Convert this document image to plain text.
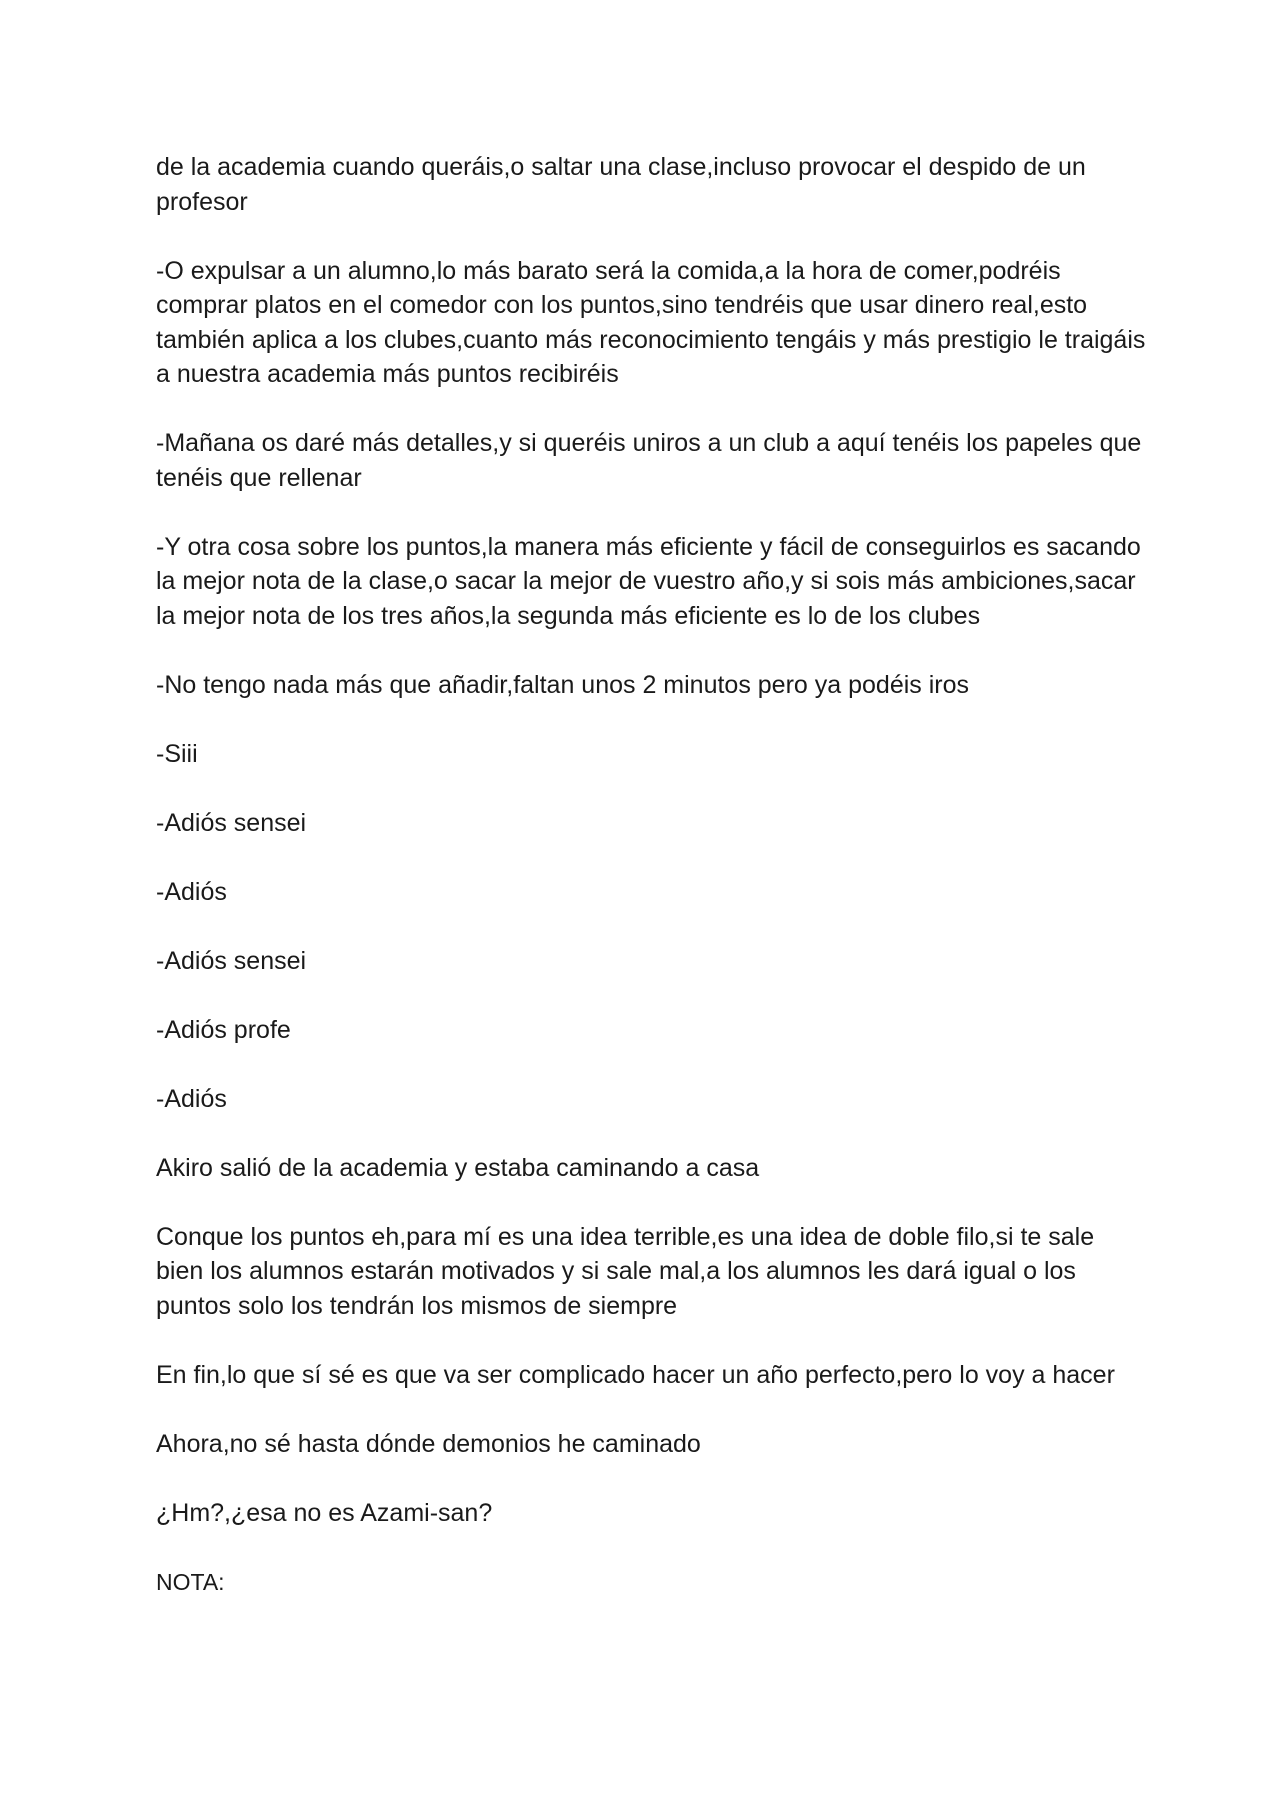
de la academia cuando queráis,o saltar una clase,incluso provocar el despido de un profesor

-O expulsar a un alumno,lo más barato será la comida,a la hora de comer,podréis comprar platos en el comedor con los puntos,sino tendréis que usar dinero real,esto también aplica a los clubes,cuanto más reconocimiento tengáis y más prestigio le traigáis a nuestra academia más puntos recibiréis

-Mañana os daré más detalles,y si queréis uniros a un club a aquí tenéis los papeles que tenéis que rellenar

-Y otra cosa sobre los puntos,la manera más eficiente y fácil de conseguirlos es sacando la mejor nota de la clase,o sacar la mejor de vuestro año,y si sois más ambiciones,sacar la mejor nota de los tres años,la segunda más eficiente es lo de los clubes

-No tengo nada más que añadir,faltan unos 2 minutos pero ya podéis iros

-Siii

-Adiós sensei

-Adiós

-Adiós sensei

-Adiós profe

-Adiós

Akiro salió de la academia y estaba caminando a casa

Conque los puntos eh,para mí es una idea terrible,es una idea de doble filo,si te sale bien los alumnos estarán motivados y si sale mal,a los alumnos les dará igual o los puntos solo los tendrán los mismos de siempre

En fin,lo que sí sé es que va ser complicado hacer un año perfecto,pero lo voy a hacer

Ahora,no sé hasta dónde demonios he caminado

¿Hm?,¿esa no es Azami-san?

NOTA:
